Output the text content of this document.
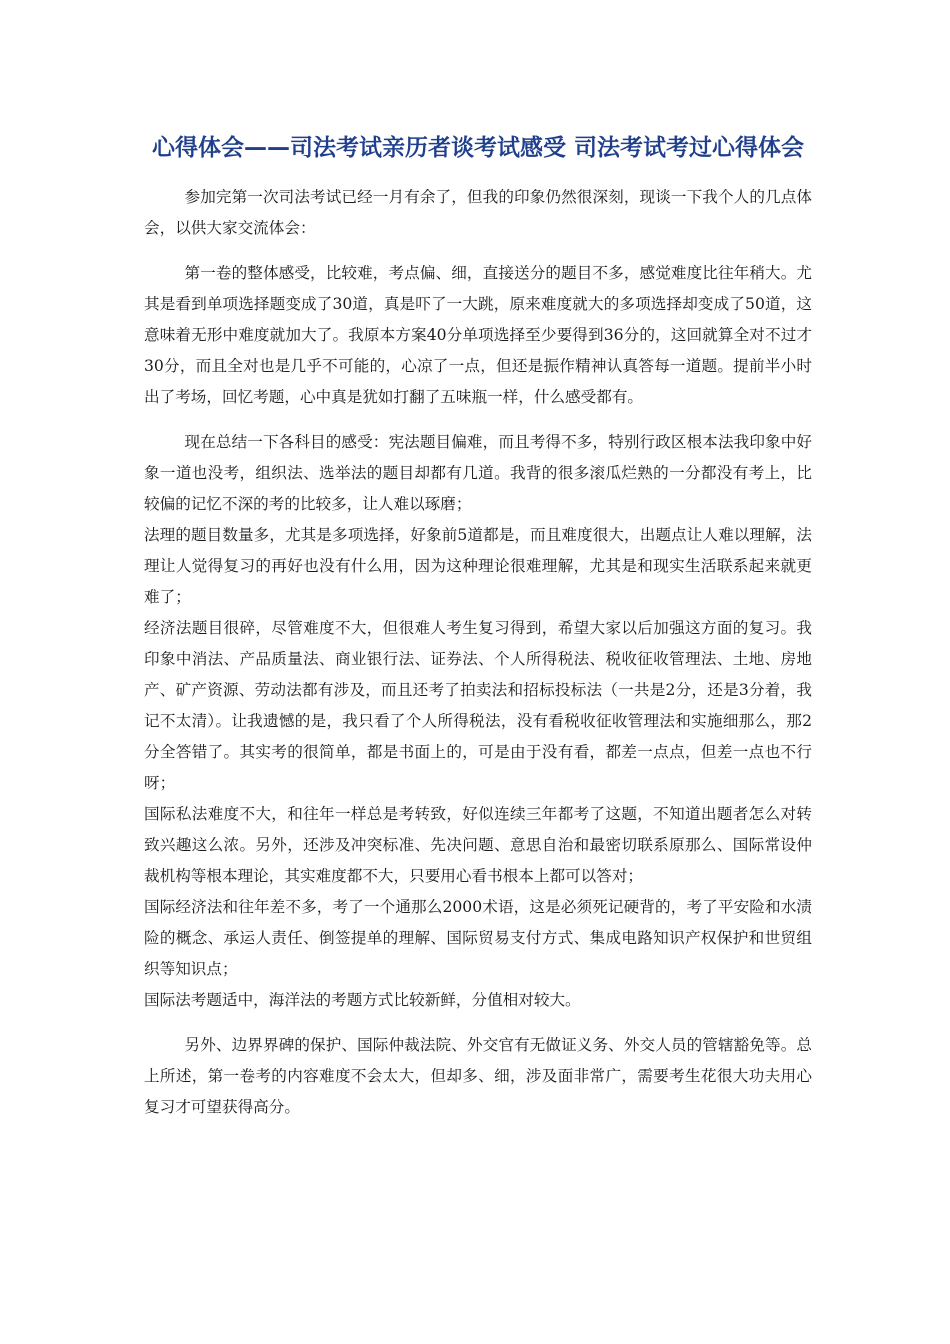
心得体会——司法考试亲历者谈考试感受 司法考试考过心得体会

参加完第一次司法考试已经一月有余了，但我的印象仍然很深刻，现谈一下我个人的几点体会，以供大家交流体会：

第一卷的整体感受，比较难，考点偏、细，直接送分的题目不多，感觉难度比往年稍大。尤其是看到单项选择题变成了30道，真是吓了一大跳，原来难度就大的多项选择却变成了50道，这意味着无形中难度就加大了。我原本方案40分单项选择至少要得到36分的，这回就算全对不过才30分，而且全对也是几乎不可能的，心凉了一点，但还是振作精神认真答每一道题。提前半小时出了考场，回忆考题，心中真是犹如打翻了五味瓶一样，什么感受都有。

现在总结一下各科目的感受：宪法题目偏难，而且考得不多，特别行政区根本法我印象中好象一道也没考，组织法、选举法的题目却都有几道。我背的很多滚瓜烂熟的一分都没有考上，比较偏的记忆不深的考的比较多，让人难以琢磨；

法理的题目数量多，尤其是多项选择，好象前5道都是，而且难度很大，出题点让人难以理解，法理让人觉得复习的再好也没有什么用，因为这种理论很难理解，尤其是和现实生活联系起来就更难了；

经济法题目很碎，尽管难度不大，但很难人考生复习得到，希望大家以后加强这方面的复习。我印象中消法、产品质量法、商业银行法、证券法、个人所得税法、税收征收管理法、土地、房地产、矿产资源、劳动法都有涉及，而且还考了拍卖法和招标投标法（一共是2分，还是3分着，我记不太清）。让我遗憾的是，我只看了个人所得税法，没有看税收征收管理法和实施细那么，那2分全答错了。其实考的很简单，都是书面上的，可是由于没有看，都差一点点，但差一点也不行呀；

国际私法难度不大，和往年一样总是考转致，好似连续三年都考了这题，不知道出题者怎么对转致兴趣这么浓。另外，还涉及冲突标准、先决问题、意思自治和最密切联系原那么、国际常设仲裁机构等根本理论，其实难度都不大，只要用心看书根本上都可以答对；

国际经济法和往年差不多，考了一个通那么2000术语，这是必须死记硬背的，考了平安险和水渍险的概念、承运人责任、倒签提单的理解、国际贸易支付方式、集成电路知识产权保护和世贸组织等知识点；

国际法考题适中，海洋法的考题方式比较新鲜，分值相对较大。

另外、边界界碑的保护、国际仲裁法院、外交官有无做证义务、外交人员的管辖豁免等。总上所述，第一卷考的内容难度不会太大，但却多、细，涉及面非常广，需要考生花很大功夫用心复习才可望获得高分。
